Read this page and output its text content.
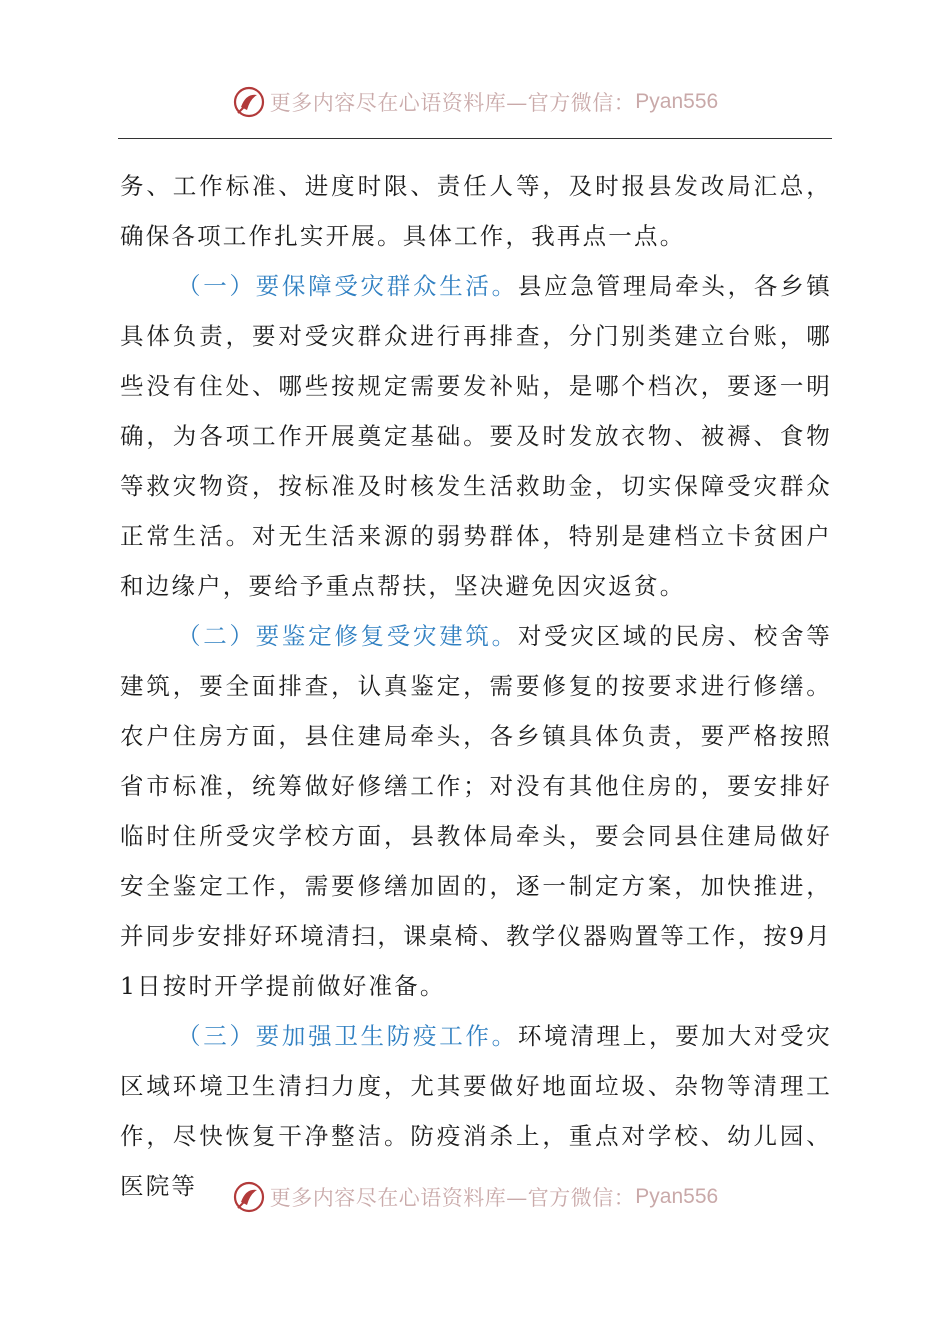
更多内容尽在心语资料库—官方微信： Pyan556

务、工作标准、进度时限、责任人等，及时报县发改局汇总，确保各项工作扎实开展。具体工作，我再点一点。

（一）要保障受灾群众生活。县应急管理局牵头，各乡镇具体负责，要对受灾群众进行再排查，分门别类建立台账，哪些没有住处、哪些按规定需要发补贴，是哪个档次，要逐一明确，为各项工作开展奠定基础。要及时发放衣物、被褥、食物等救灾物资，按标准及时核发生活救助金，切实保障受灾群众正常生活。对无生活来源的弱势群体，特别是建档立卡贫困户和边缘户，要给予重点帮扶，坚决避免因灾返贫。

（二）要鉴定修复受灾建筑。对受灾区域的民房、校舍等建筑，要全面排查，认真鉴定，需要修复的按要求进行修缮。农户住房方面，县住建局牵头，各乡镇具体负责，要严格按照省市标准，统筹做好修缮工作；对没有其他住房的，要安排好临时住所受灾学校方面，县教体局牵头，要会同县住建局做好安全鉴定工作，需要修缮加固的，逐一制定方案，加快推进，并同步安排好环境清扫，课桌椅、教学仪器购置等工作，按9月1日按时开学提前做好准备。

（三）要加强卫生防疫工作。环境清理上，要加大对受灾区域环境卫生清扫力度，尤其要做好地面垃圾、杂物等清理工作，尽快恢复干净整洁。防疫消杀上，重点对学校、幼儿园、医院等	更多内容尽在心语资料库—官方微信： Pyan556
